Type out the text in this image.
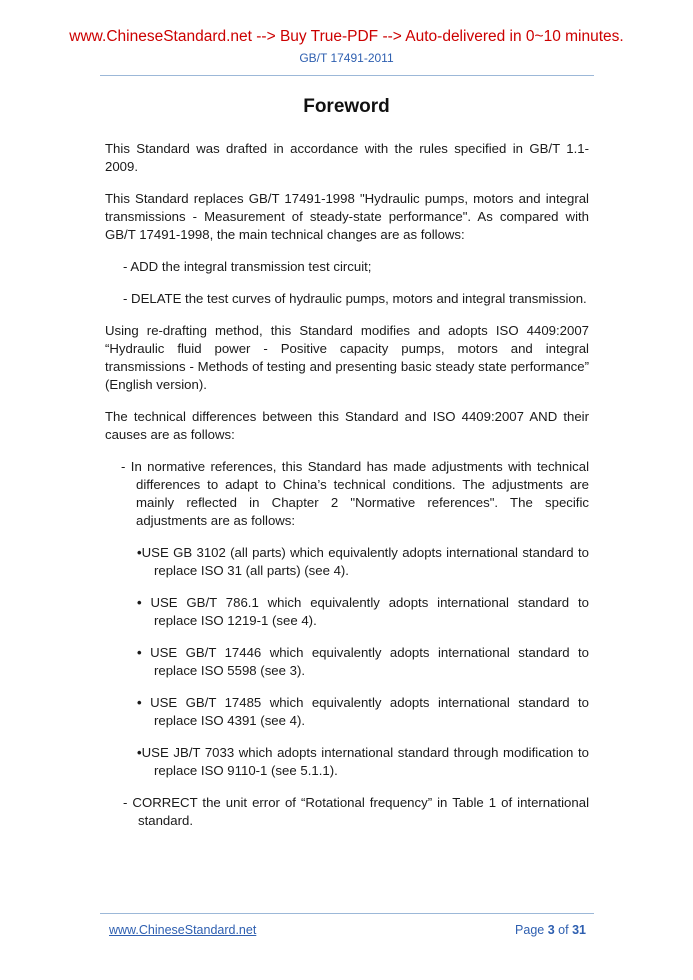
www.ChineseStandard.net --> Buy True-PDF --> Auto-delivered in 0~10 minutes.
GB/T 17491-2011
Foreword

This Standard was drafted in accordance with the rules specified in GB/T 1.1-2009.

This Standard replaces GB/T 17491-1998 "Hydraulic pumps, motors and integral transmissions - Measurement of steady-state performance". As compared with GB/T 17491-1998, the main technical changes are as follows:

- ADD the integral transmission test circuit;

- DELATE the test curves of hydraulic pumps, motors and integral transmission.

Using re-drafting method, this Standard modifies and adopts ISO 4409:2007 “Hydraulic fluid power - Positive capacity pumps, motors and integral transmissions - Methods of testing and presenting basic steady state performance” (English version).

The technical differences between this Standard and ISO 4409:2007 AND their causes are as follows:

- In normative references, this Standard has made adjustments with technical differences to adapt to China’s technical conditions. The adjustments are mainly reflected in Chapter 2 "Normative references". The specific adjustments are as follows:

•USE GB 3102 (all parts) which equivalently adopts international standard to replace ISO 31 (all parts) (see 4).

• USE GB/T 786.1 which equivalently adopts international standard to replace ISO 1219-1 (see 4).

• USE GB/T 17446 which equivalently adopts international standard to replace ISO 5598 (see 3).

• USE GB/T 17485 which equivalently adopts international standard to replace ISO 4391 (see 4).

•USE JB/T 7033 which adopts international standard through modification to replace ISO 9110-1 (see 5.1.1).

- CORRECT the unit error of “Rotational frequency” in Table 1 of international standard.

www.ChineseStandard.net	Page 3 of 31
